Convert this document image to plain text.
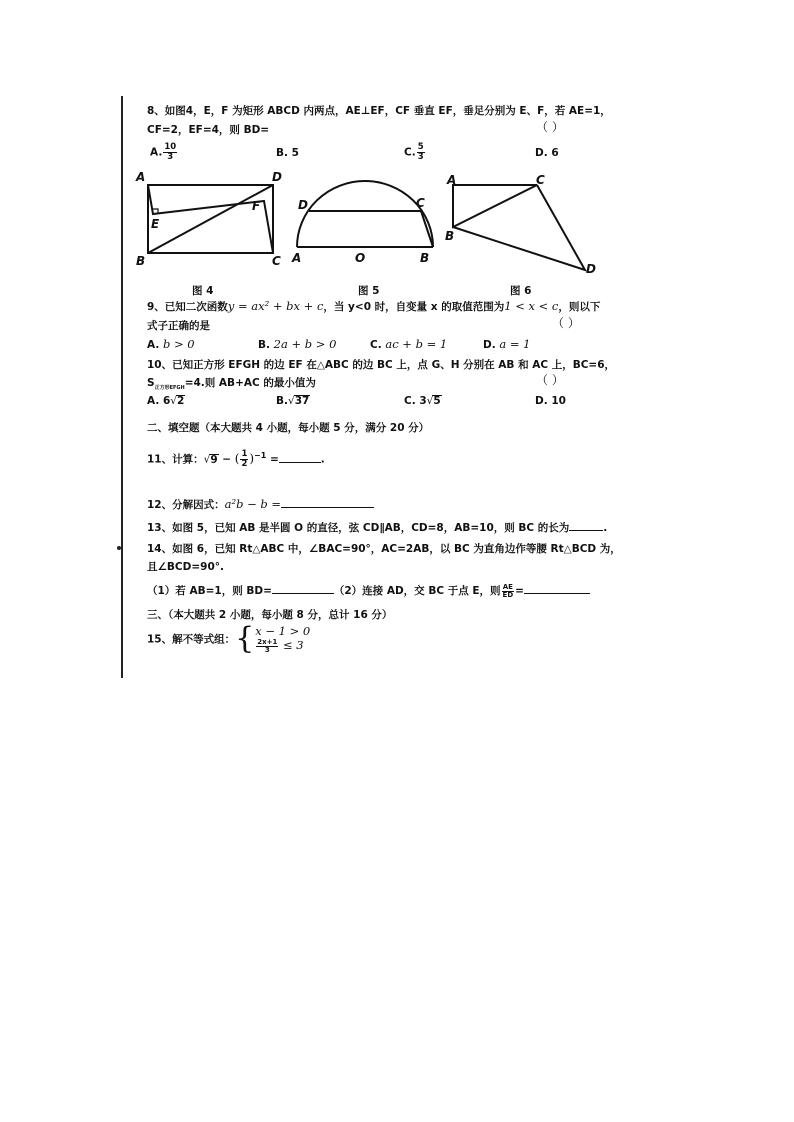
8、如图4，E，F 为矩形 ABCD 内两点，AE⊥EF，CF 垂直 EF，垂足分别为 E、F，若 AE=1，
CF=2，EF=4，则 BD=	（ ）
A. $\frac{10}{3}$	B. 5	C. $\frac{5}{3}$	D. 6
A
B	C
D
E
F	D	C
A	O	B
A
B
C
D
图 4	图 5	图 6
9、已知二次函数y = ax² + bx + c，当 y<0 时，自变量 x 的取值范围为1 < x < c，则以下
式子正确的是	（ ）
A. b > 0	B. 2a + b > 0	C. ac + b = 1	D. a = 1
10、已知正方形 EFGH 的边 EF 在△ABC 的边 BC 上，点 G、H 分别在 AB 和 AC 上，BC=6，
$S_{正方形EFGH}=4$.则 AB+AC 的最小值为	（ ）
A. 6√2	B.√37	C. 3√5	D. 10
二、填空题（本大题共 4 小题，每小题 5 分，满分 20 分）
11、计算：√9 − ( $\frac{1}{2} )^{-1}$ =	.
12、分解因式：a²b − b =
13、如图 5，已知 AB 是半圆 O 的直径，弦 CD∥AB，CD=8，AB=10，则 BC 的长为	.
14、如图 6，已知 Rt△ABC 中，∠BAC=90°，AC=2AB，以 BC 为直角边作等腰 Rt△BCD 为，
且∠BCD=90°.
（1）若 AB=1，则 BD=	（2）连接 AD，交 BC 于点 E，则 $\frac{AE}{ED}$ =
三、（本大题共 2 小题，每小题 8 分，总计 16 分）
15、解不等式组： { x − 1 > 0
$\frac{2x+1}{3} \le 3$
